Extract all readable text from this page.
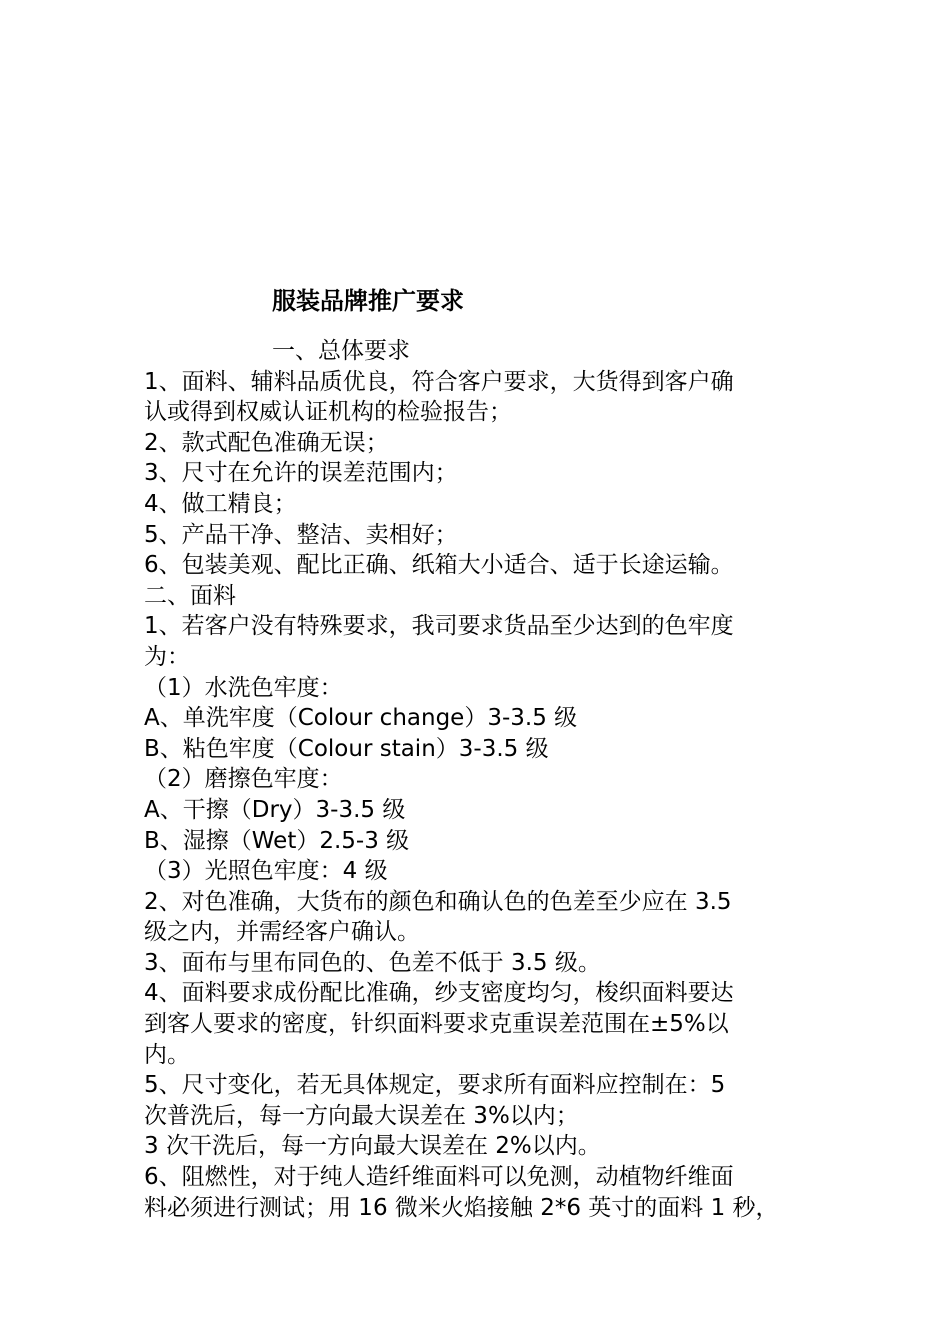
服装品牌推广要求
一、总体要求
1、面料、辅料品质优良，符合客户要求，大货得到客户确
认或得到权威认证机构的检验报告；
2、款式配色准确无误；
3、尺寸在允许的误差范围内；
4、做工精良；
5、产品干净、整洁、卖相好；
6、包装美观、配比正确、纸箱大小适合、适于长途运输。
二、面料
1、若客户没有特殊要求，我司要求货品至少达到的色牢度
为：
（1）水洗色牢度：
A、单洗牢度（Colour change）3-3.5 级
B、粘色牢度（Colour stain）3-3.5 级
（2）磨擦色牢度：
A、干擦（Dry）3-3.5 级
B、湿擦（Wet）2.5-3 级
（3）光照色牢度：4 级
2、对色准确，大货布的颜色和确认色的色差至少应在 3.5
级之内，并需经客户确认。
3、面布与里布同色的、色差不低于 3.5 级。
4、面料要求成份配比准确，纱支密度均匀，梭织面料要达
到客人要求的密度，针织面料要求克重误差范围在±5%以
内。
5、尺寸变化，若无具体规定，要求所有面料应控制在：5
次普洗后，每一方向最大误差在 3%以内；
3 次干洗后，每一方向最大误差在 2%以内。
6、阻燃性，对于纯人造纤维面料可以免测，动植物纤维面
料必须进行测试；用 16 微米火焰接触 2*6 英寸的面料 1 秒，
